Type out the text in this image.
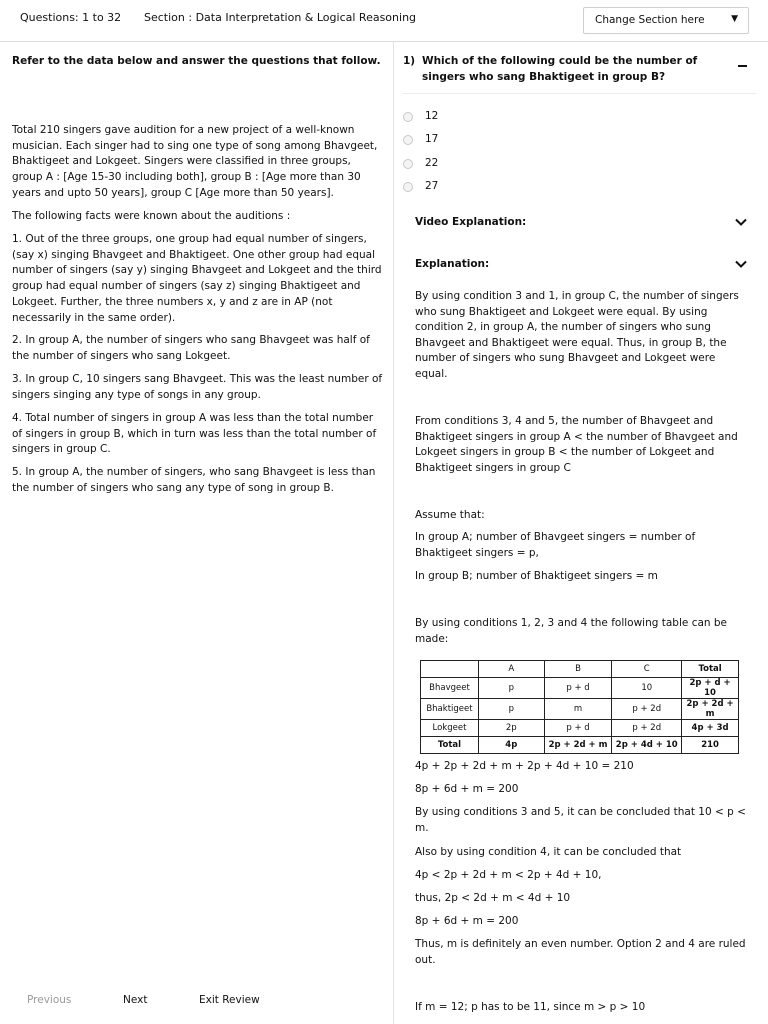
Questions: 1 to 32 Section : Data Interpretation & Logical Reasoning	Change Section here	▼
Refer to the data below and answer the questions that follow.
Total 210 singers gave audition for a new project of a well-known musician. Each singer had to sing one type of song among Bhavgeet, Bhaktigeet and Lokgeet. Singers were classified in three groups, group A : [Age 15-30 including both], group B : [Age more than 30 years and upto 50 years], group C [Age more than 50 years].
The following facts were known about the auditions :
1. Out of the three groups, one group had equal number of singers, (say x) singing Bhavgeet and Bhaktigeet. One other group had equal number of singers (say y) singing Bhavgeet and Lokgeet and the third group had equal number of singers (say z) singing Bhaktigeet and Lokgeet. Further, the three numbers x, y and z are in AP (not necessarily in the same order).
2. In group A, the number of singers who sang Bhavgeet was half of the number of singers who sang Lokgeet.
3. In group C, 10 singers sang Bhavgeet. This was the least number of singers singing any type of songs in any group.
4. Total number of singers in group A was less than the total number of singers in group B, which in turn was less than the total number of singers in group C.
5. In group A, the number of singers, who sang Bhavgeet is less than the number of singers who sang any type of song in group B.
1) Which of the following could be the number of singers who sang Bhaktigeet in group B?
12
17
22
27
Video Explanation:
Explanation:
By using condition 3 and 1, in group C, the number of singers who sung Bhaktigeet and Lokgeet were equal. By using condition 2, in group A, the number of singers who sung Bhavgeet and Bhaktigeet were equal. Thus, in group B, the number of singers who sung Bhavgeet and Lokgeet were equal.
From conditions 3, 4 and 5, the number of Bhavgeet and Bhaktigeet singers in group A < the number of Bhavgeet and Lokgeet singers in group B < the number of Lokgeet and Bhaktigeet singers in group C
Assume that:
In group A; number of Bhavgeet singers = number of Bhaktigeet singers = p,
In group B; number of Bhaktigeet singers = m
By using conditions 1, 2, 3 and 4 the following table can be made:
	A	B	C	Total
Bhavgeet	p	p + d	10	2p + d + 10
Bhaktigeet	p	m	p + 2d	2p + 2d + m
Lokgeet	2p	p + d	p + 2d	4p + 3d
Total	4p	2p + 2d + m	2p + 4d + 10	210
4p + 2p + 2d + m + 2p + 4d + 10 = 210
8p + 6d + m = 200
By using conditions 3 and 5, it can be concluded that 10 < p < m.
Also by using condition 4, it can be concluded that
4p < 2p + 2d + m < 2p + 4d + 10,
thus, 2p < 2d + m < 4d + 10
8p + 6d + m = 200
Thus, m is definitely an even number. Option 2 and 4 are ruled out.
If m = 12; p has to be 11, since m > p > 10
Previous	Next	Exit Review
